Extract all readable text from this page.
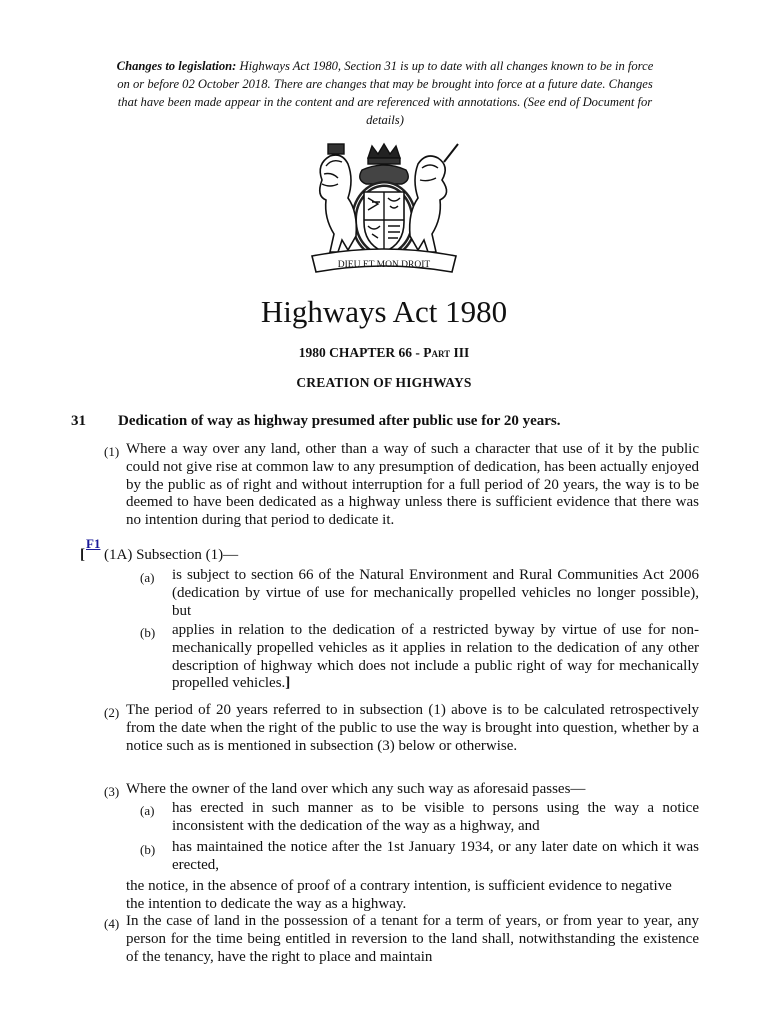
Changes to legislation: Highways Act 1980, Section 31 is up to date with all changes known to be in force on or before 02 October 2018. There are changes that may be brought into force at a future date. Changes that have been made appear in the content and are referenced with annotations. (See end of Document for details)
DIEU ET MON DROIT
Highways Act 1980
1980 CHAPTER 66 - Part III
CREATION OF HIGHWAYS
31 Dedication of way as highway presumed after public use for 20 years.
(1) Where a way over any land, other than a way of such a character that use of it by the public could not give rise at common law to any presumption of dedication, has been actually enjoyed by the public as of right and without interruption for a full period of 20 years, the way is to be deemed to have been dedicated as a highway unless there is sufficient evidence that there was no intention during that period to dedicate it.
F1
[ (1A) Subsection (1)—
(a) is subject to section 66 of the Natural Environment and Rural Communities Act 2006 (dedication by virtue of use for mechanically propelled vehicles no longer possible), but
(b) applies in relation to the dedication of a restricted byway by virtue of use for non-mechanically propelled vehicles as it applies in relation to the dedication of any other description of highway which does not include a public right of way for mechanically propelled vehicles.]
(2) The period of 20 years referred to in subsection (1) above is to be calculated retrospectively from the date when the right of the public to use the way is brought into question, whether by a notice such as is mentioned in subsection (3) below or otherwise.
(3) Where the owner of the land over which any such way as aforesaid passes—
(a) has erected in such manner as to be visible to persons using the way a notice inconsistent with the dedication of the way as a highway, and
(b) has maintained the notice after the 1st January 1934, or any later date on which it was erected,
the notice, in the absence of proof of a contrary intention, is sufficient evidence to negative the intention to dedicate the way as a highway.
(4) In the case of land in the possession of a tenant for a term of years, or from year to year, any person for the time being entitled in reversion to the land shall, notwithstanding the existence of the tenancy, have the right to place and maintain
